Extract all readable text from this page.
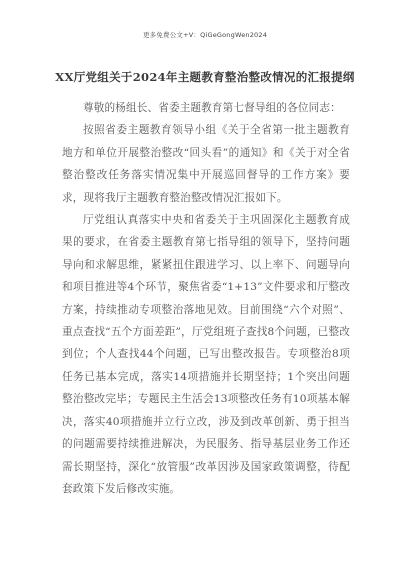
更多免费公文+V：QiGeGongWen2024
XX厅党组关于2024年主题教育整治整改情况的汇报提纲

尊敬的杨组长、省委主题教育第七督导组的各位同志：

按照省委主题教育领导小组《关于全省第一批主题教育地方和单位开展整治整改“回头看”的通知》和《关于对全省整治整改任务落实情况集中开展巡回督导的工作方案》要求，现将我厅主题教育整治整改情况汇报如下。

厅党组认真落实中央和省委关于主巩固深化主题教育成果的要求，在省委主题教育第七指导组的领导下，坚持问题导向和求解思维，紧紧扭住跟进学习、以上率下、问题导向和项目推进等4个环节，聚焦省委“1+13”文件要求和厅整改方案，持续推动专项整治落地见效。目前围绕“六个对照”、重点查找“五个方面差距”，厅党组班子查找8个问题，已整改到位；个人查找44个问题，已写出整改报告。专项整治8项任务已基本完成，落实14项措施并长期坚持；1个突出问题整治整改完毕；专题民主生活会13项整改任务有10项基本解决，落实40项措施并立行立改，涉及到改革创新、勇于担当的问题需要持续推进解决，为民服务、指导基层业务工作还需长期坚持，深化“放管服”改革因涉及国家政策调整，待配套政策下发后修改实施。
